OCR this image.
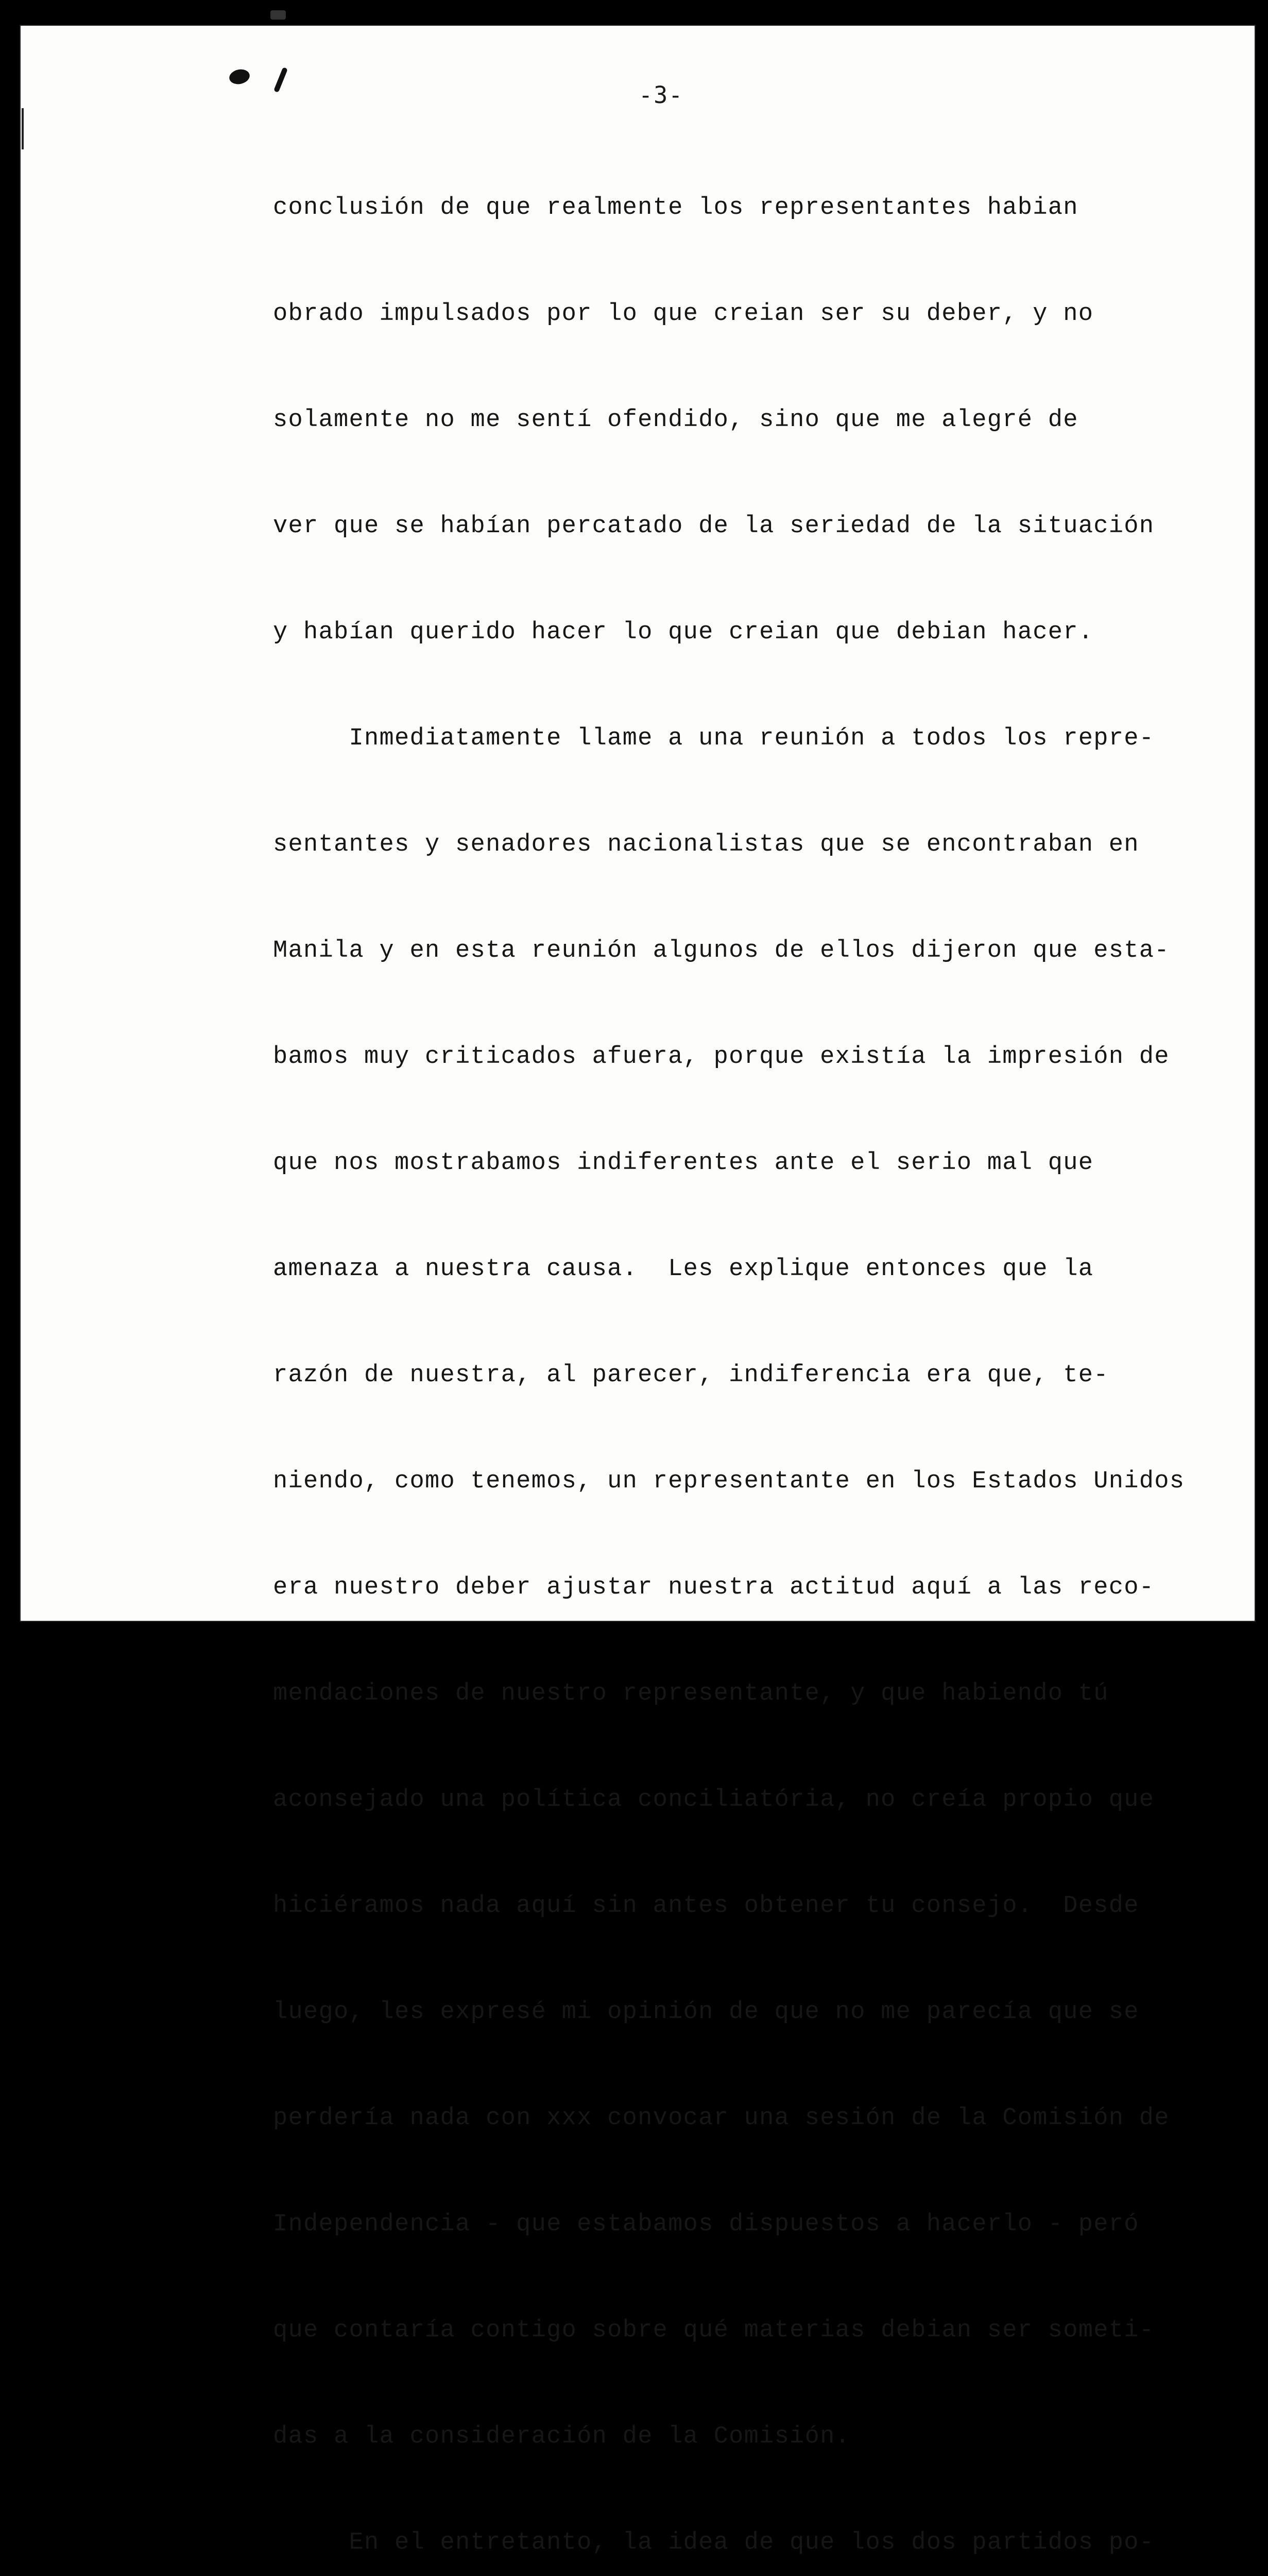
-3-

conclusión de que realmente los representantes habian

obrado impulsados por lo que creian ser su deber, y no

solamente no me sentí ofendido, sino que me alegré de

ver que se habían percatado de la seriedad de la situación

y habían querido hacer lo que creian que debian hacer.

Inmediatamente llame a una reunión a todos los repre-

sentantes y senadores nacionalistas que se encontraban en

Manila y en esta reunión algunos de ellos dijeron que esta-

bamos muy criticados afuera, porque existía la impresión de

que nos mostrabamos indiferentes ante el serio mal que

amenaza a nuestra causa.  Les explique entonces que la

razón de nuestra, al parecer, indiferencia era que, te-

niendo, como tenemos, un representante en los Estados Unidos

era nuestro deber ajustar nuestra actitud aquí a las reco-

mendaciones de nuestro representante, y que habiendo tú

aconsejado una política conciliatória, no creía propio que

hiciéramos nada aquí sin antes obtener tu consejo.  Desde

luego, les expresé mi opinión de que no me parecía que se

perdería nada con xxx convocar una sesión de la Comisión de

Independencia - que estabamos dispuestos a hacerlo - peró

que contaría contigo sobre qué materias debian ser someti-

das a la consideración de la Comisión.

En el entretanto, la idea de que los dos partidos po-
